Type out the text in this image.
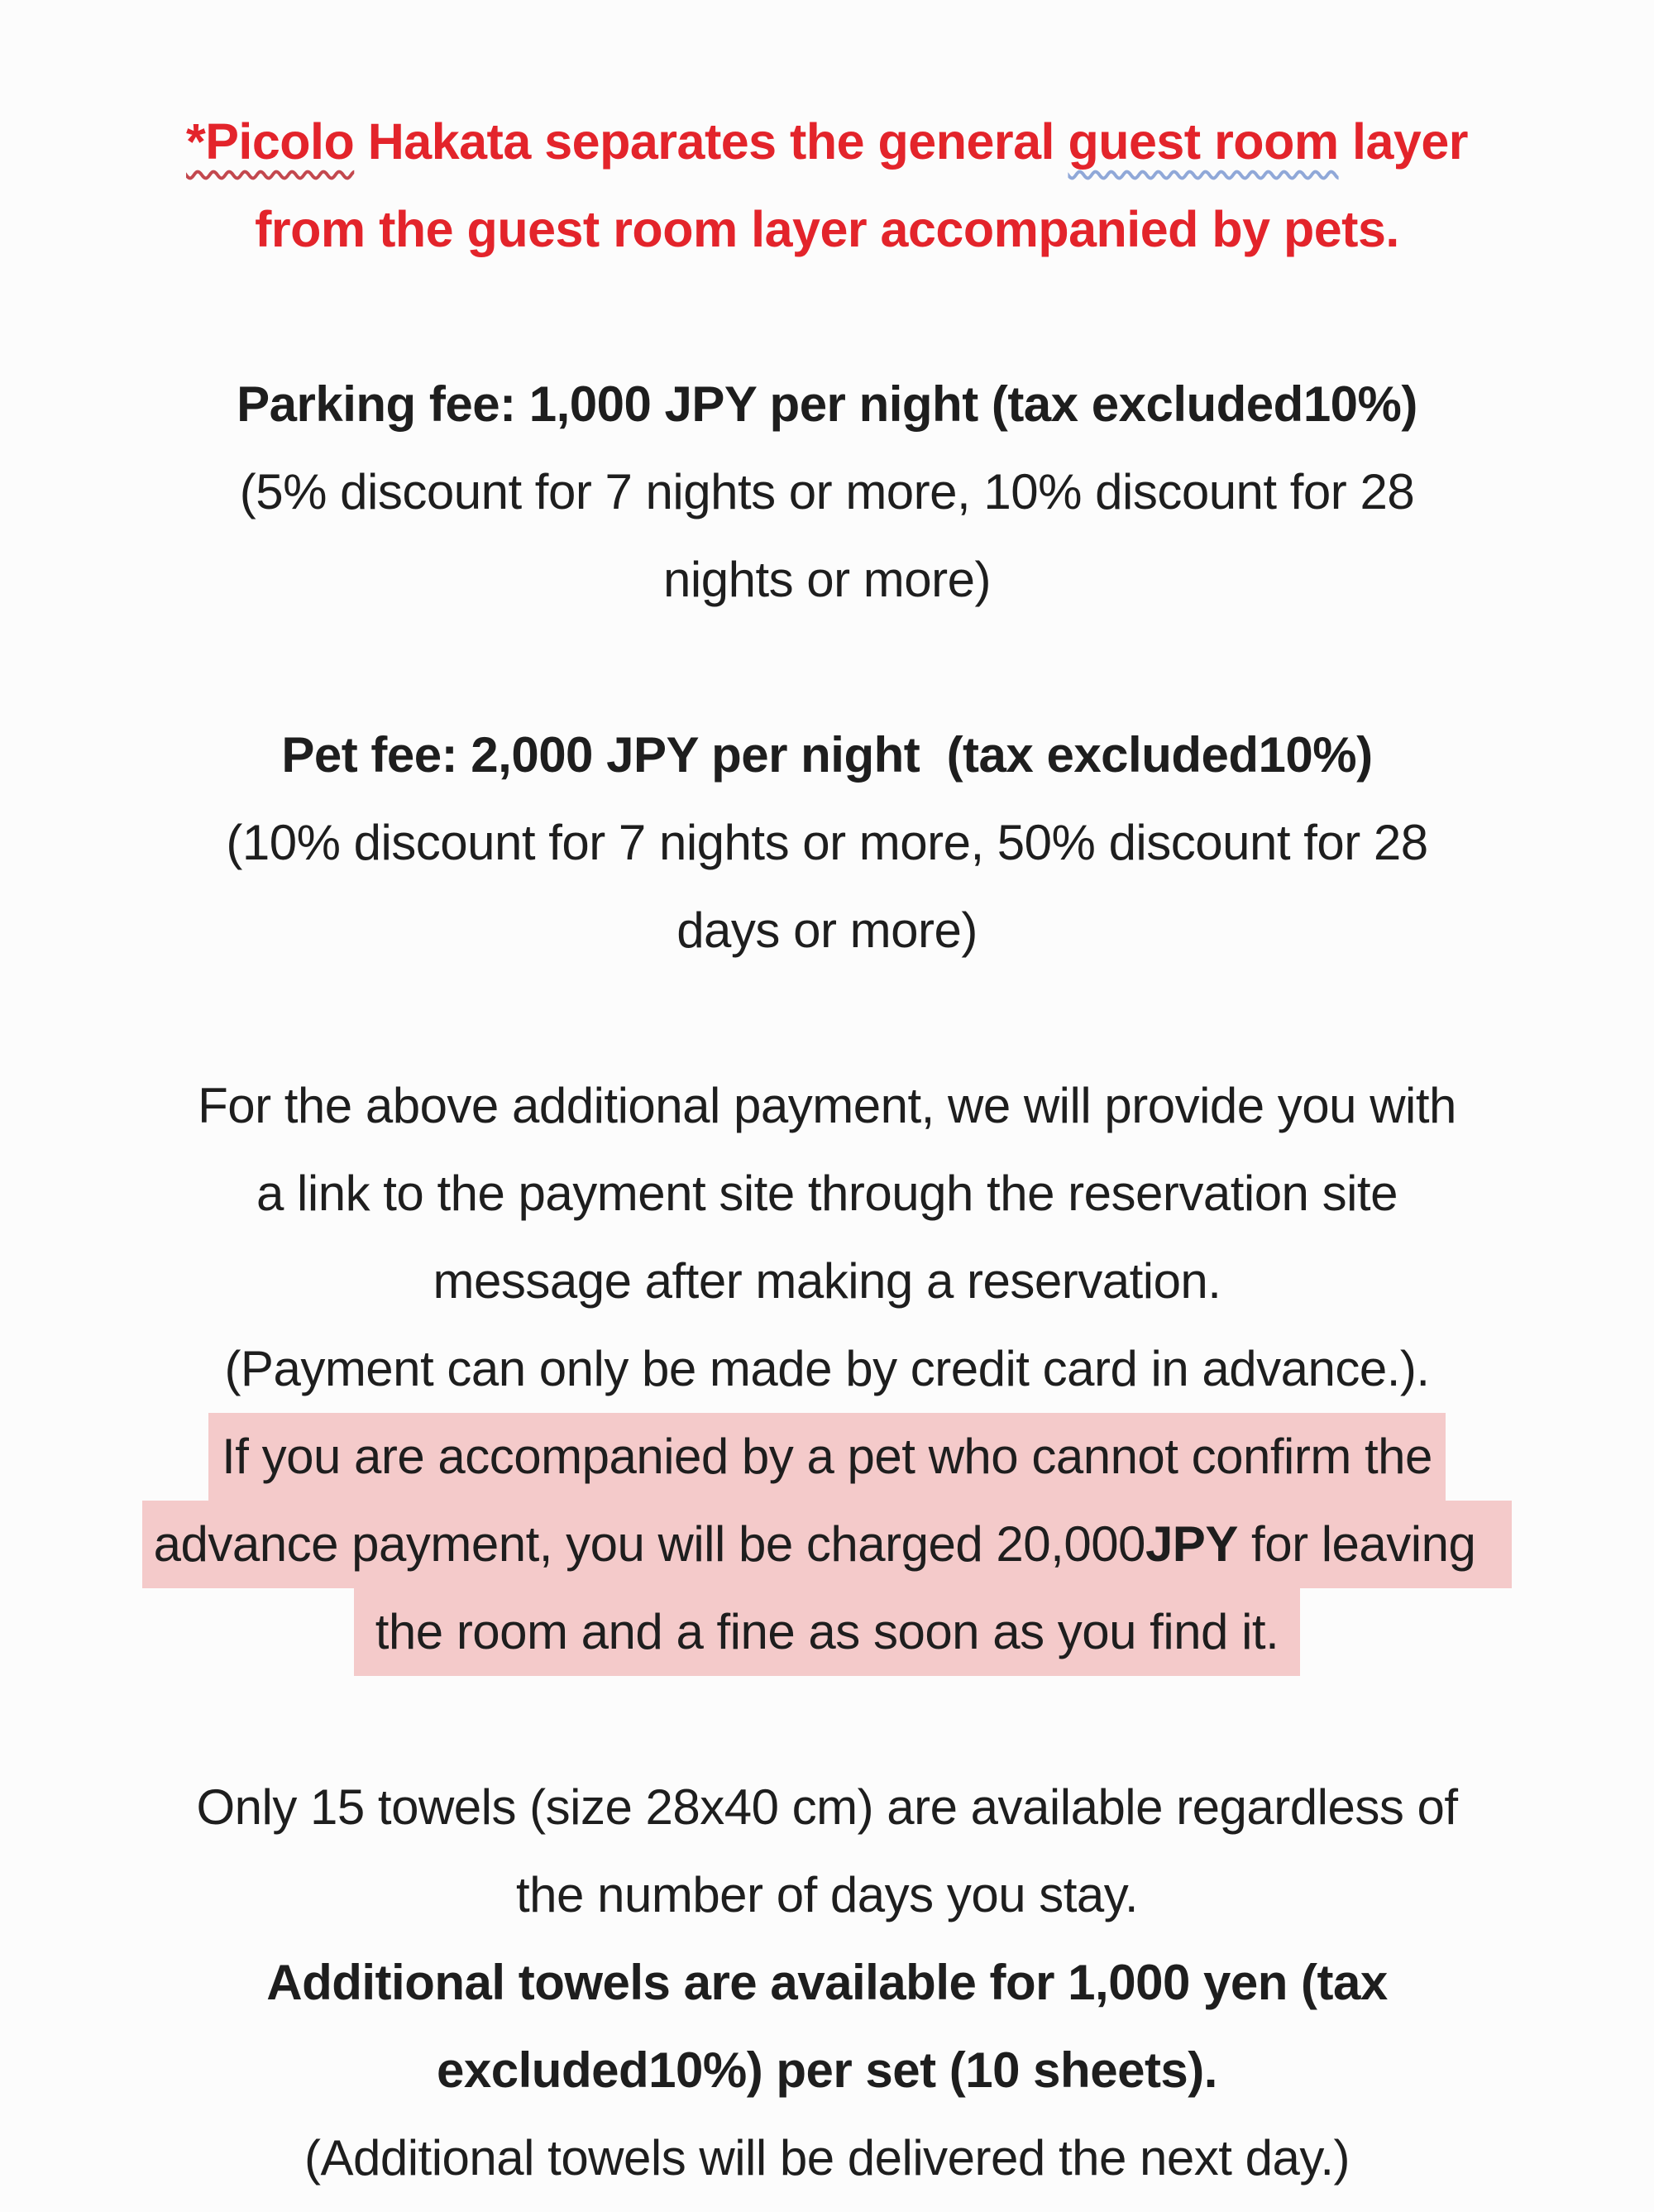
*Picolo Hakata separates the general guest room layer
from the guest room layer accompanied by pets.
Parking fee: 1,000 JPY per night (tax excluded10%)
(5% discount for 7 nights or more, 10% discount for 28
nights or more)
Pet fee: 2,000 JPY per night  (tax excluded10%)
(10% discount for 7 nights or more, 50% discount for 28
days or more)
For the above additional payment, we will provide you with
a link to the payment site through the reservation site
message after making a reservation.
(Payment can only be made by credit card in advance.).
If you are accompanied by a pet who cannot confirm the
advance payment, you will be charged 20,000JPY for leaving
the room and a fine as soon as you find it.
Only 15 towels (size 28x40 cm) are available regardless of
the number of days you stay.
Additional towels are available for 1,000 yen (tax
excluded10%) per set (10 sheets).
(Additional towels will be delivered the next day.)
